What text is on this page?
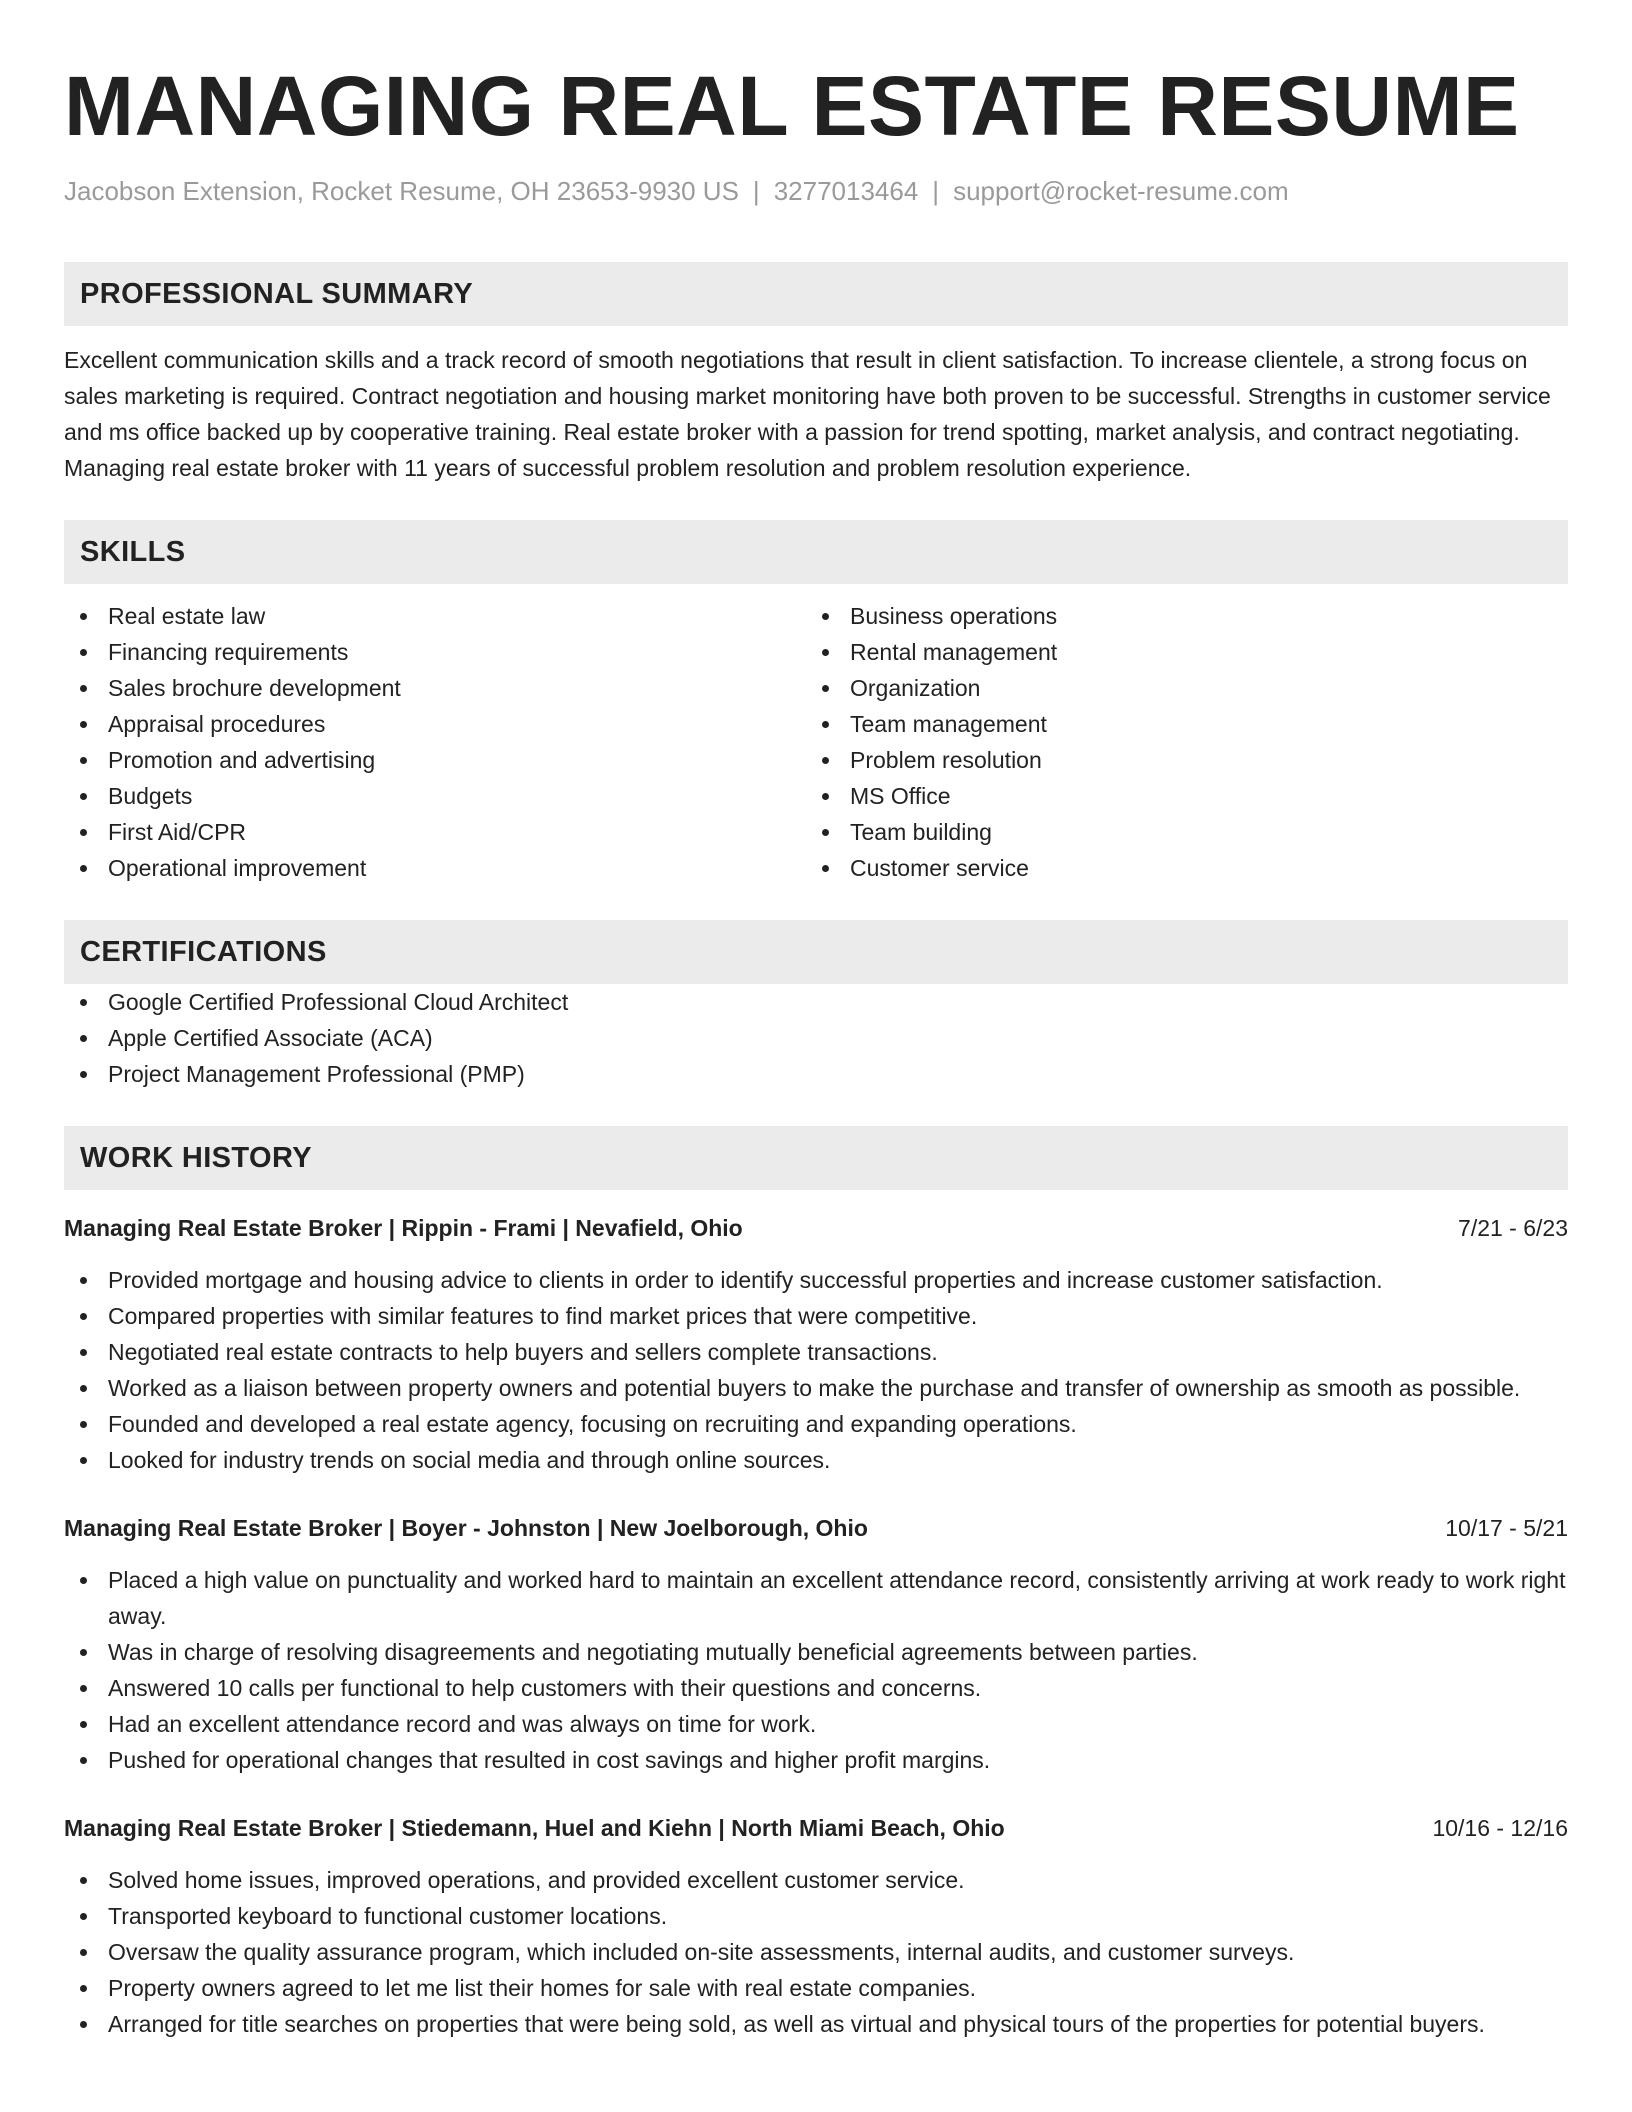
MANAGING REAL ESTATE RESUME
Jacobson Extension, Rocket Resume, OH 23653-9930 US | 3277013464 | support@rocket-resume.com
PROFESSIONAL SUMMARY

Excellent communication skills and a track record of smooth negotiations that result in client satisfaction. To increase clientele, a strong focus on sales marketing is required. Contract negotiation and housing market monitoring have both proven to be successful. Strengths in customer service and ms office backed up by cooperative training. Real estate broker with a passion for trend spotting, market analysis, and contract negotiating. Managing real estate broker with 11 years of successful problem resolution and problem resolution experience.

SKILLS
Real estate law
Financing requirements
Sales brochure development
Appraisal procedures
Promotion and advertising
Budgets
First Aid/CPR
Operational improvement
Business operations
Rental management
Organization
Team management
Problem resolution
MS Office
Team building
Customer service
CERTIFICATIONS
Google Certified Professional Cloud Architect
Apple Certified Associate (ACA)
Project Management Professional (PMP)
WORK HISTORY
Managing Real Estate Broker | Rippin - Frami | Nevafield, Ohio	7/21 - 6/23
Provided mortgage and housing advice to clients in order to identify successful properties and increase customer satisfaction.
Compared properties with similar features to find market prices that were competitive.
Negotiated real estate contracts to help buyers and sellers complete transactions.
Worked as a liaison between property owners and potential buyers to make the purchase and transfer of ownership as smooth as possible.
Founded and developed a real estate agency, focusing on recruiting and expanding operations.
Looked for industry trends on social media and through online sources.
Managing Real Estate Broker | Boyer - Johnston | New Joelborough, Ohio	10/17 - 5/21
Placed a high value on punctuality and worked hard to maintain an excellent attendance record, consistently arriving at work ready to work right away.
Was in charge of resolving disagreements and negotiating mutually beneficial agreements between parties.
Answered 10 calls per functional to help customers with their questions and concerns.
Had an excellent attendance record and was always on time for work.
Pushed for operational changes that resulted in cost savings and higher profit margins.
Managing Real Estate Broker | Stiedemann, Huel and Kiehn | North Miami Beach, Ohio	10/16 - 12/16
Solved home issues, improved operations, and provided excellent customer service.
Transported keyboard to functional customer locations.
Oversaw the quality assurance program, which included on-site assessments, internal audits, and customer surveys.
Property owners agreed to let me list their homes for sale with real estate companies.
Arranged for title searches on properties that were being sold, as well as virtual and physical tours of the properties for potential buyers.
